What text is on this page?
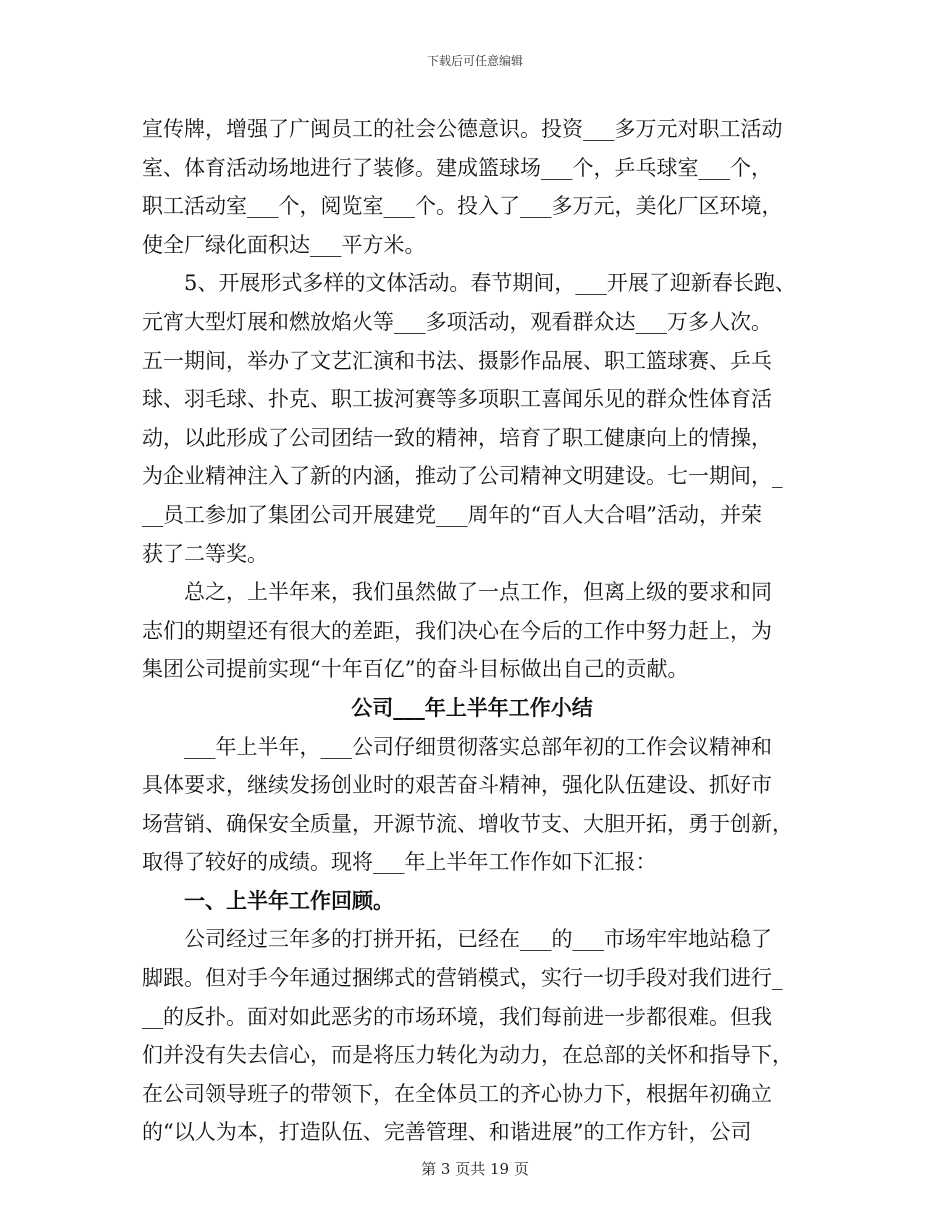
下载后可任意编辑
宣传牌，增强了广闽员工的社会公德意识。投资___多万元对职工活动
室、体育活动场地进行了装修。建成篮球场___个，乒乓球室___个，
职工活动室___个，阅览室___个。投入了___多万元，美化厂区环境，
使全厂绿化面积达___平方米。
5、开展形式多样的文体活动。春节期间，___开展了迎新春长跑、
元宵大型灯展和燃放焰火等___多项活动，观看群众达___万多人次。
五一期间，举办了文艺汇演和书法、摄影作品展、职工篮球赛、乒乓
球、羽毛球、扑克、职工拔河赛等多项职工喜闻乐见的群众性体育活
动，以此形成了公司团结一致的精神，培育了职工健康向上的情操，
为企业精神注入了新的内涵，推动了公司精神文明建设。七一期间，_
__员工参加了集团公司开展建党___周年的“百人大合唱”活动，并荣
获了二等奖。
总之，上半年来，我们虽然做了一点工作，但离上级的要求和同
志们的期望还有很大的差距，我们决心在今后的工作中努力赶上，为
集团公司提前实现“十年百亿”的奋斗目标做出自己的贡献。
公司___年上半年工作小结
___年上半年，___公司仔细贯彻落实总部年初的工作会议精神和
具体要求，继续发扬创业时的艰苦奋斗精神，强化队伍建设、抓好市
场营销、确保安全质量，开源节流、增收节支、大胆开拓，勇于创新，
取得了较好的成绩。现将___年上半年工作作如下汇报：
一、上半年工作回顾。
公司经过三年多的打拼开拓，已经在___的___市场牢牢地站稳了
脚跟。但对手今年通过捆绑式的营销模式，实行一切手段对我们进行_
__的反扑。面对如此恶劣的市场环境，我们每前进一步都很难。但我
们并没有失去信心，而是将压力转化为动力，在总部的关怀和指导下，
在公司领导班子的带领下，在全体员工的齐心协力下，根据年初确立
的“以人为本，打造队伍、完善管理、和谐进展”的工作方针，公司
第 3 页共 19 页
